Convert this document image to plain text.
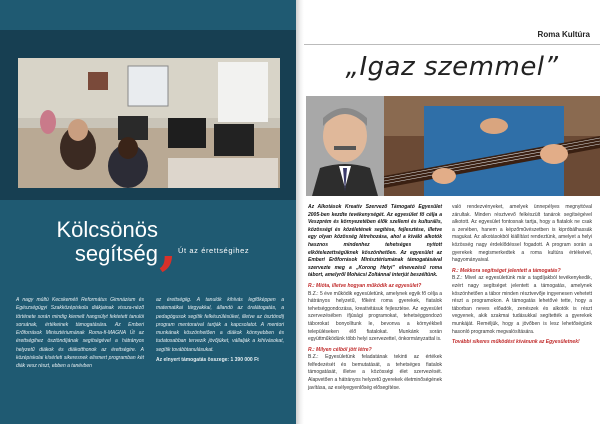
Kölcsönös
segítség ‚ Út az érettségihez
A nagy múltú Kecskeméti Református Gimnázium és Egészségügyi Szakközépiskola diákjainak vissza-néző története során mindig kiemelt hangsúlyt fektetett tanulói sorsának, értékeinek támogatására. Az Emberi Erőforrások Minisztériumának Roma-fi-MAGNA Út az érettségihez ösztöndíjának segítségével a hátrányos helyzetű diákok és diákotthonok az érettségire. A középiskolai kísérleti sikeresnek elismert programban két diák vesz részt, ebben a tanévben
az érettségiig. A tanulók kihívás legfőképpen a matematikai tárgyakkal, állandó az óralátogatás, a pedagógusok segítik felkészülésüket, illetve az ösztöndíj program mentoraival tartják a kapcsolatot. A mentori munkának köszönhetően a diákok könnyebben és tudatosabban tervezik jövőjüket, vállalják a kihívásokat, segítik továbbtanulásukat.
Az elnyert támogatás összege: 1 390 000 Ft
Roma Kultúra
„Igaz szemmel”
Az Alkotások Kreatív Szervező Támogató Egyesület 2005-ben kezdte tevékenységét. Az egyesület fő célja a Veszprém és környezetében élők szellemi és kulturális, közösségi és közéletének segítése, fejlesztése, illetve egy olyan közösség létrehozása, ahol a kiváló alkotók hasznos mindenhez tehetséges nyitott elkötelezettségüknek köszönhetően. Az egyesület az Emberi Erőforrások Minisztériumának támogatásával szervezte meg a „Korong Hetyi” elnevezésű roma tábort, amelyről Mohácsi Zoltánnal interjút beszéltünk.
R.: Mióta, illetve hogyan működik az egyesület?
B.Z.: 5 éve működik egyesületünk, amelynek egyik fő célja a hátrányos helyzetű, főként roma gyerekek, fiatalok tehetséggondozása, kreativitásuk fejlesztése. Az egyesület szervezésében ifjúsági programokat, tehetséggondozó táborokat bonyolítunk le, bevonva a környékbeli településeken élő fiatalokat. Munkánk során együttműködünk több helyi szervezettel, önkormányzattal is.
R.: Milyen célból jött létre?
B.Z.: Egyesületünk feladatának tekinti az értékek felfedezését és bemutatását, a tehetséges fiatalok támogatását, illetve a közösségi élet szervezését. Alapvetően a hátrányos helyzetű gyerekek életminőségének javítása, az esélyegyenlőség elősegítése.
való rendezvényeket, amelyek ünnepélyes megnyitóval zárultak. Minden résztvevő felkészült tanárok segítségével alkotott. Az egyesület fontosnak tartja, hogy a fiatalok ne csak a zenében, hanem a képzőművészetben is kipróbálhassák magukat. Az alkotásokból kiállítást rendeztünk, amelyet a helyi közösség nagy érdeklődéssel fogadott. A program során a gyerekek megismerkedtek a roma kultúra értékeivel, hagyományaival.
R.: Mekkora segítséget jelentett a támogatás?
B.Z.: Mivel az egyesületünk már a tagdíjakból tevékenykedik, ezért nagy segítséget jelentett a támogatás, amelynek köszönhetően a tábor minden résztvevője ingyenesen vehetett részt a programokon. A támogatás lehetővé tette, hogy a táborban neves előadók, zenészek és alkotók is részt vegyenek, akik szakmai tudásukkal segítették a gyerekek munkáját. Reméljük, hogy a jövőben is lesz lehetőségünk hasonló programok megvalósítására.
További sikeres működést kívánunk az Egyesületnek!
